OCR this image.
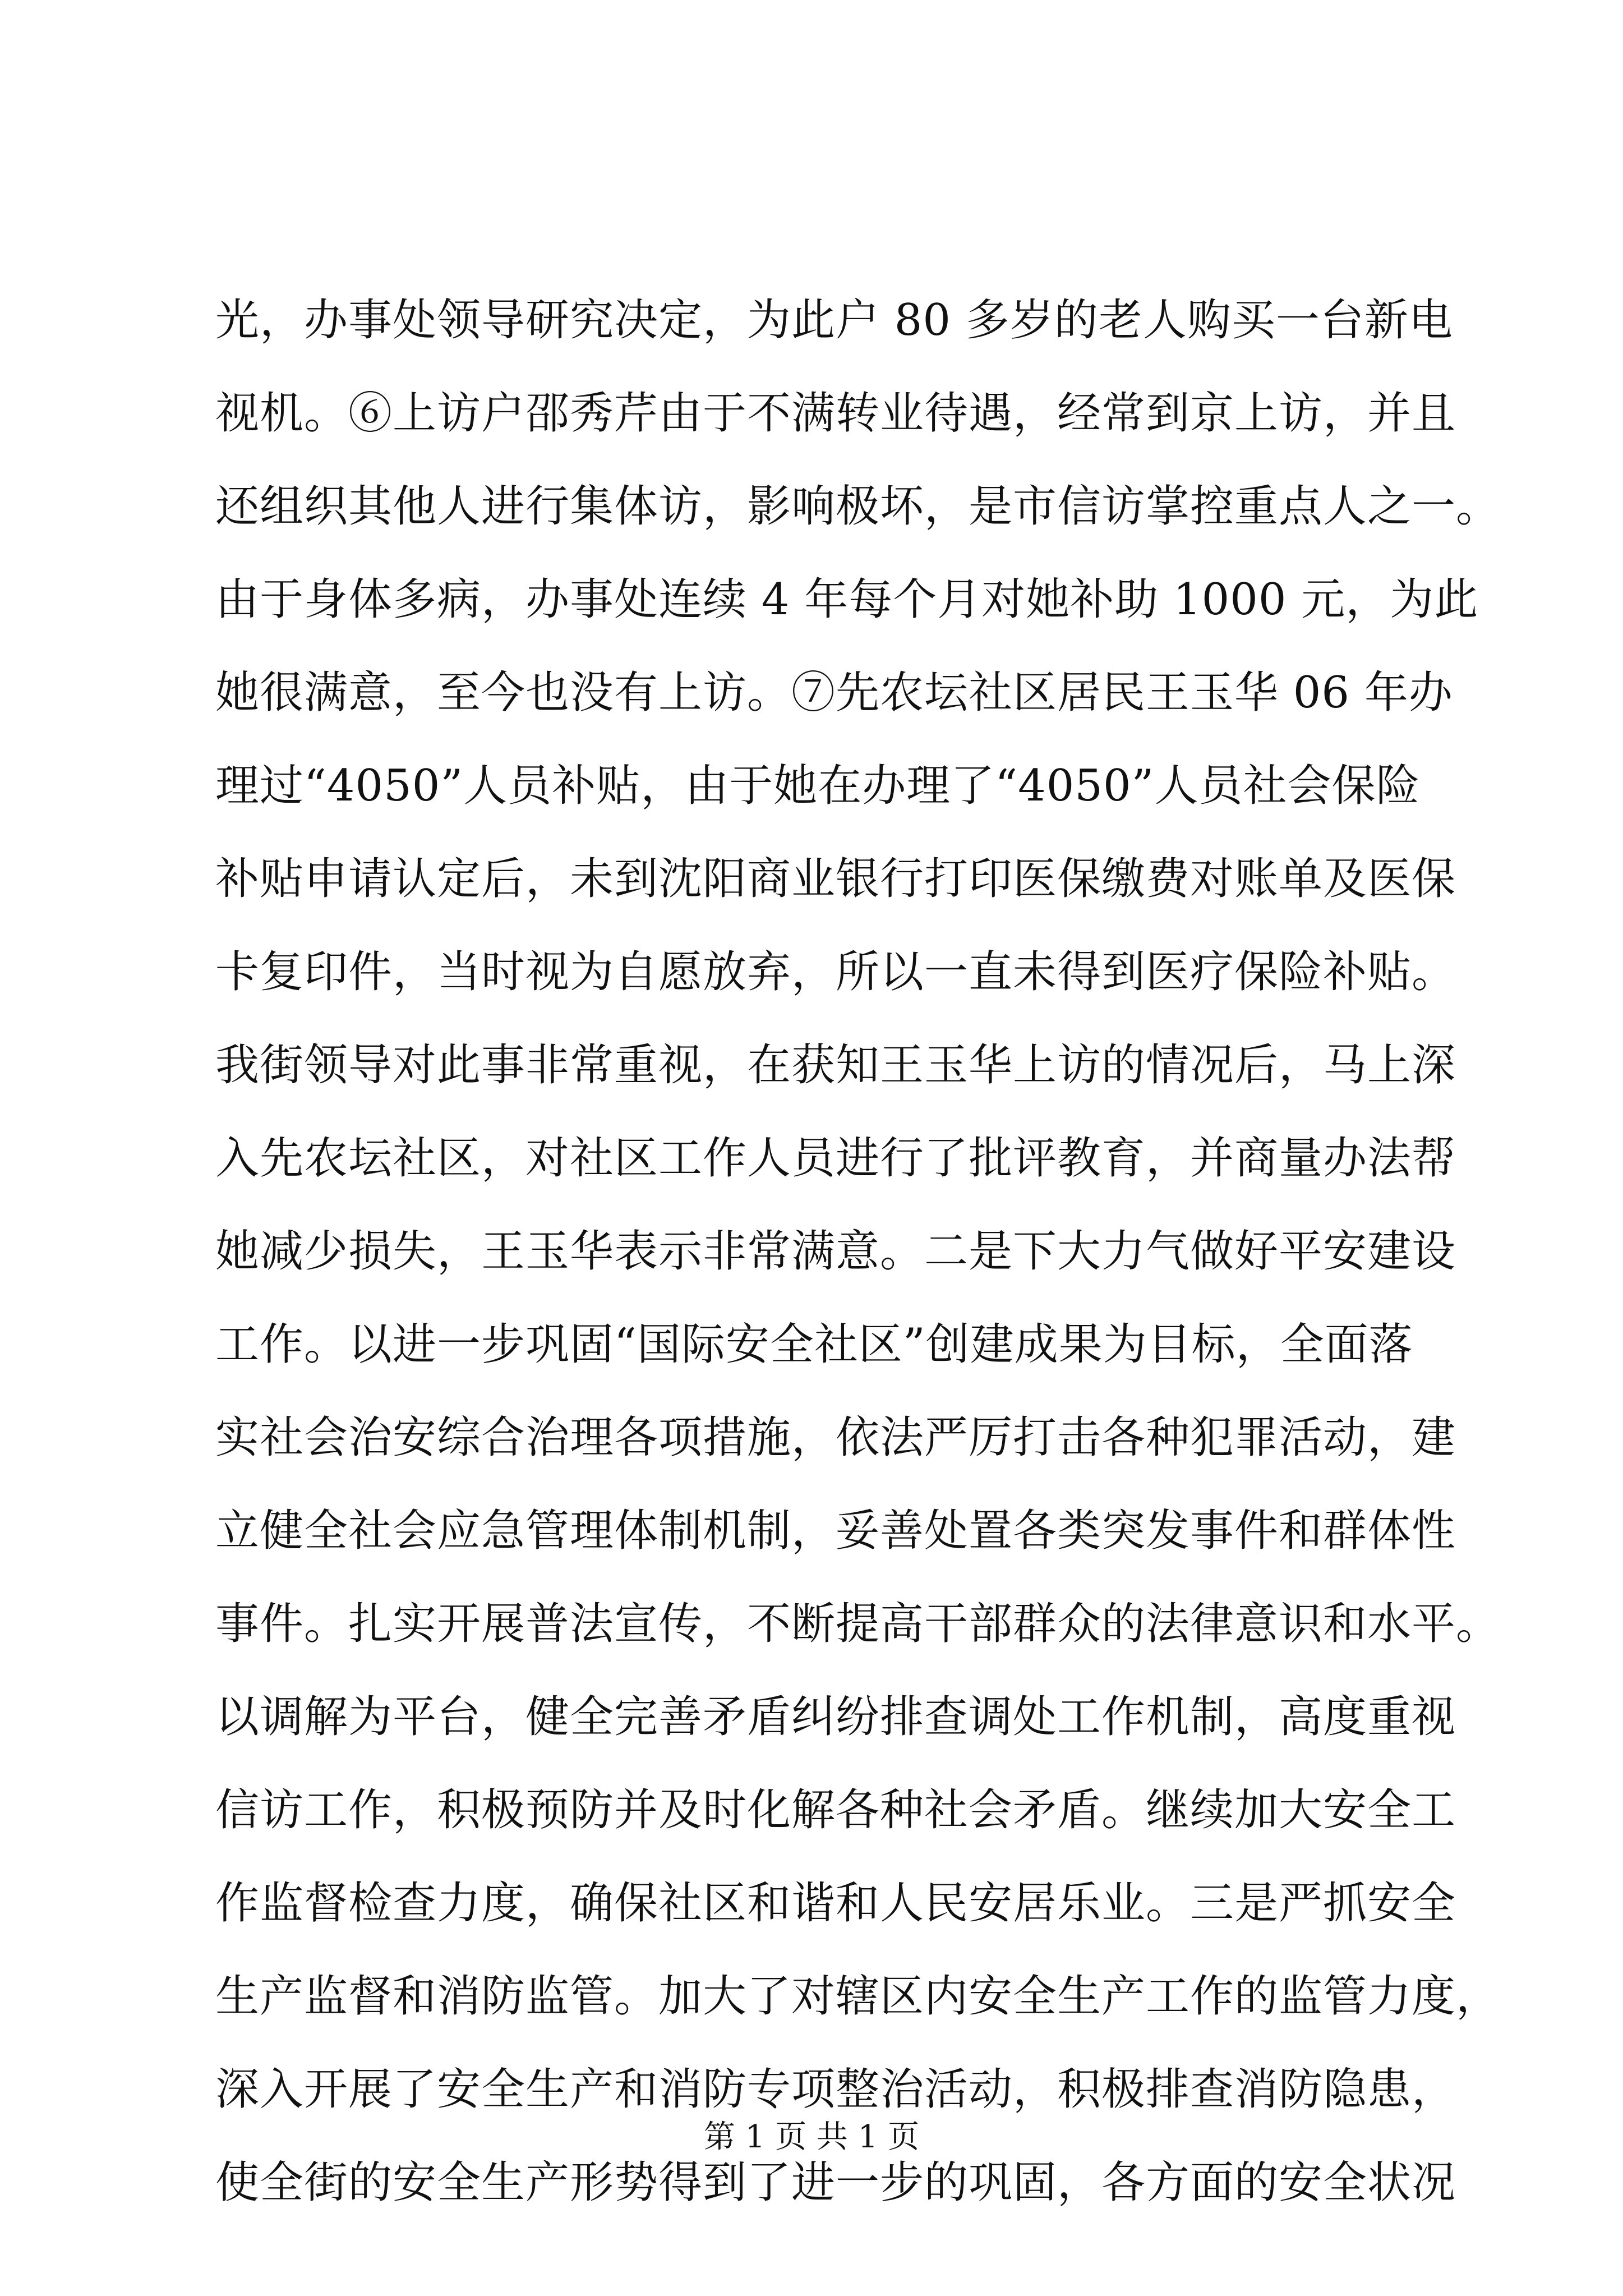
光，办事处领导研究决定，为此户 80 多岁的老人购买一台新电
视机。⑥上访户邵秀芹由于不满转业待遇，经常到京上访，并且
还组织其他人进行集体访，影响极坏，是市信访掌控重点人之一。
由于身体多病，办事处连续 4 年每个月对她补助 1000 元，为此
她很满意，至今也没有上访。⑦先农坛社区居民王玉华 06 年办
理过“4050”人员补贴，由于她在办理了“4050”人员社会保险
补贴申请认定后，未到沈阳商业银行打印医保缴费对账单及医保
卡复印件，当时视为自愿放弃，所以一直未得到医疗保险补贴。
我街领导对此事非常重视，在获知王玉华上访的情况后，马上深
入先农坛社区，对社区工作人员进行了批评教育，并商量办法帮
她减少损失，王玉华表示非常满意。二是下大力气做好平安建设
工作。以进一步巩固“国际安全社区”创建成果为目标，全面落
实社会治安综合治理各项措施，依法严厉打击各种犯罪活动，建
立健全社会应急管理体制机制，妥善处置各类突发事件和群体性
事件。扎实开展普法宣传，不断提高干部群众的法律意识和水平。
以调解为平台，健全完善矛盾纠纷排查调处工作机制，高度重视
信访工作，积极预防并及时化解各种社会矛盾。继续加大安全工
作监督检查力度，确保社区和谐和人民安居乐业。三是严抓安全
生产监督和消防监管。加大了对辖区内安全生产工作的监管力度，
深入开展了安全生产和消防专项整治活动，积极排查消防隐患，
使全街的安全生产形势得到了进一步的巩固，各方面的安全状况
第 1 页 共 1 页
